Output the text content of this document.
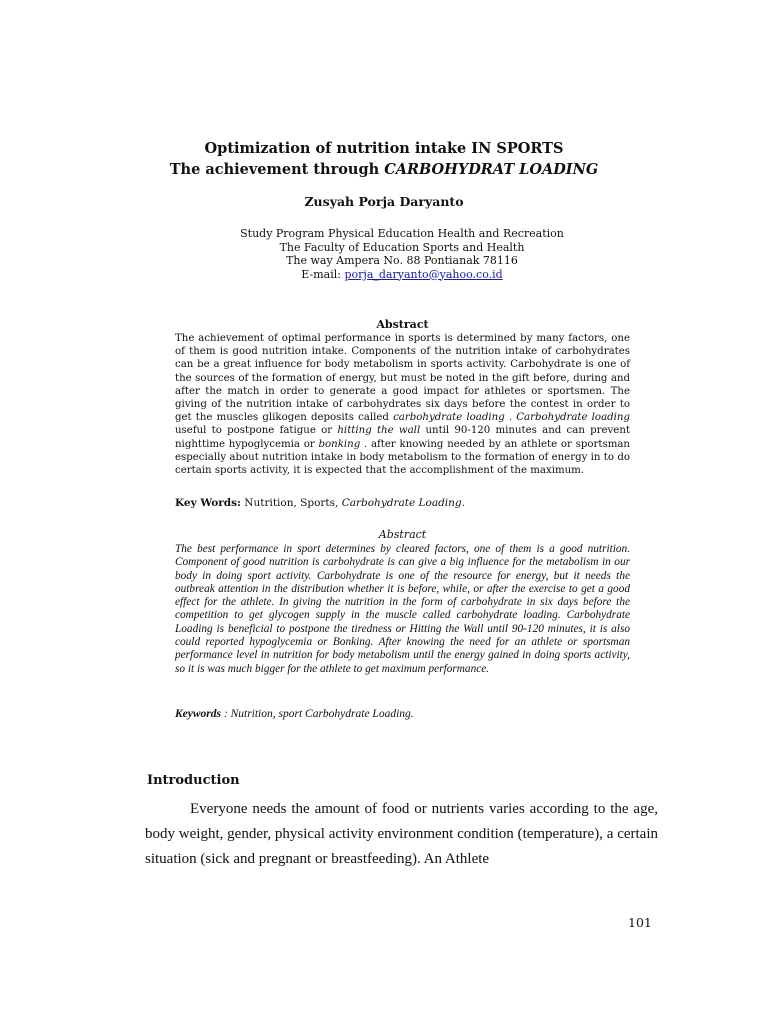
Optimization of nutrition intake IN SPORTS
The achievement through CARBOHYDRAT LOADING
Zusyah Porja Daryanto
Study Program Physical Education Health and Recreation
The Faculty of Education Sports and Health
The way Ampera No. 88 Pontianak 78116
E-mail: porja_daryanto@yahoo.co.id
Abstract
The achievement of optimal performance in sports is determined by many factors, one of them is good nutrition intake. Components of the nutrition intake of carbohydrates can be a great influence for body metabolism in sports activity. Carbohydrate is one of the sources of the formation of energy, but must be noted in the gift before, during and after the match in order to generate a good impact for athletes or sportsmen. The giving of the nutrition intake of carbohydrates six days before the contest in order to get the muscles glikogen deposits called carbohydrate loading . Carbohydrate loading useful to postpone fatigue or hitting the wall until 90-120 minutes and can prevent nighttime hypoglycemia or bonking . after knowing needed by an athlete or sportsman especially about nutrition intake in body metabolism to the formation of energy in to do certain sports activity, it is expected that the accomplishment of the maximum.
Key Words: Nutrition, Sports, Carbohydrate Loading.
Abstract
The best performance in sport determines by cleared factors, one of them is a good nutrition. Component of good nutrition is carbohydrate is can give a big influence for the metabolism in our body in doing sport activity. Carbohydrate is one of the resource for energy, but it needs the outbreak attention in the distribution whether it is before, while, or after the exercise to get a good effect for the athlete. In giving the nutrition in the form of carbohydrate in six days before the competition to get glycogen supply in the muscle called carbohydrate loading. Carbohydrate Loading is beneficial to postpone the tiredness or Hitting the Wall until 90-120 minutes, it is also could reported hypoglycemia or Bonking. After knowing the need for an athlete or sportsman performance level in nutrition for body metabolism until the energy gained in doing sports activity, so it is was much bigger for the athlete to get maximum performance.
Keywords : Nutrition, sport Carbohydrate Loading.
Introduction
Everyone needs the amount of food or nutrients varies according to the age, body weight, gender, physical activity environment condition (temperature), a certain situation (sick and pregnant or breastfeeding). An Athlete
101
